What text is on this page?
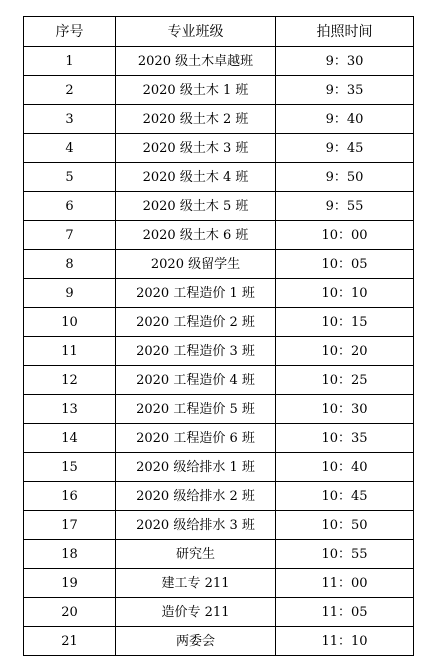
序号	专业班级	拍照时间
1	2020 级土木卓越班	9：30
2	2020 级土木 1 班	9：35
3	2020 级土木 2 班	9：40
4	2020 级土木 3 班	9：45
5	2020 级土木 4 班	9：50
6	2020 级土木 5 班	9：55
7	2020 级土木 6 班	10：00
8	2020 级留学生	10：05
9	2020 工程造价 1 班	10：10
10	2020 工程造价 2 班	10：15
11	2020 工程造价 3 班	10：20
12	2020 工程造价 4 班	10：25
13	2020 工程造价 5 班	10：30
14	2020 工程造价 6 班	10：35
15	2020 级给排水 1 班	10：40
16	2020 级给排水 2 班	10：45
17	2020 级给排水 3 班	10：50
18	研究生	10：55
19	建工专 211	11：00
20	造价专 211	11：05
21	两委会	11：10
